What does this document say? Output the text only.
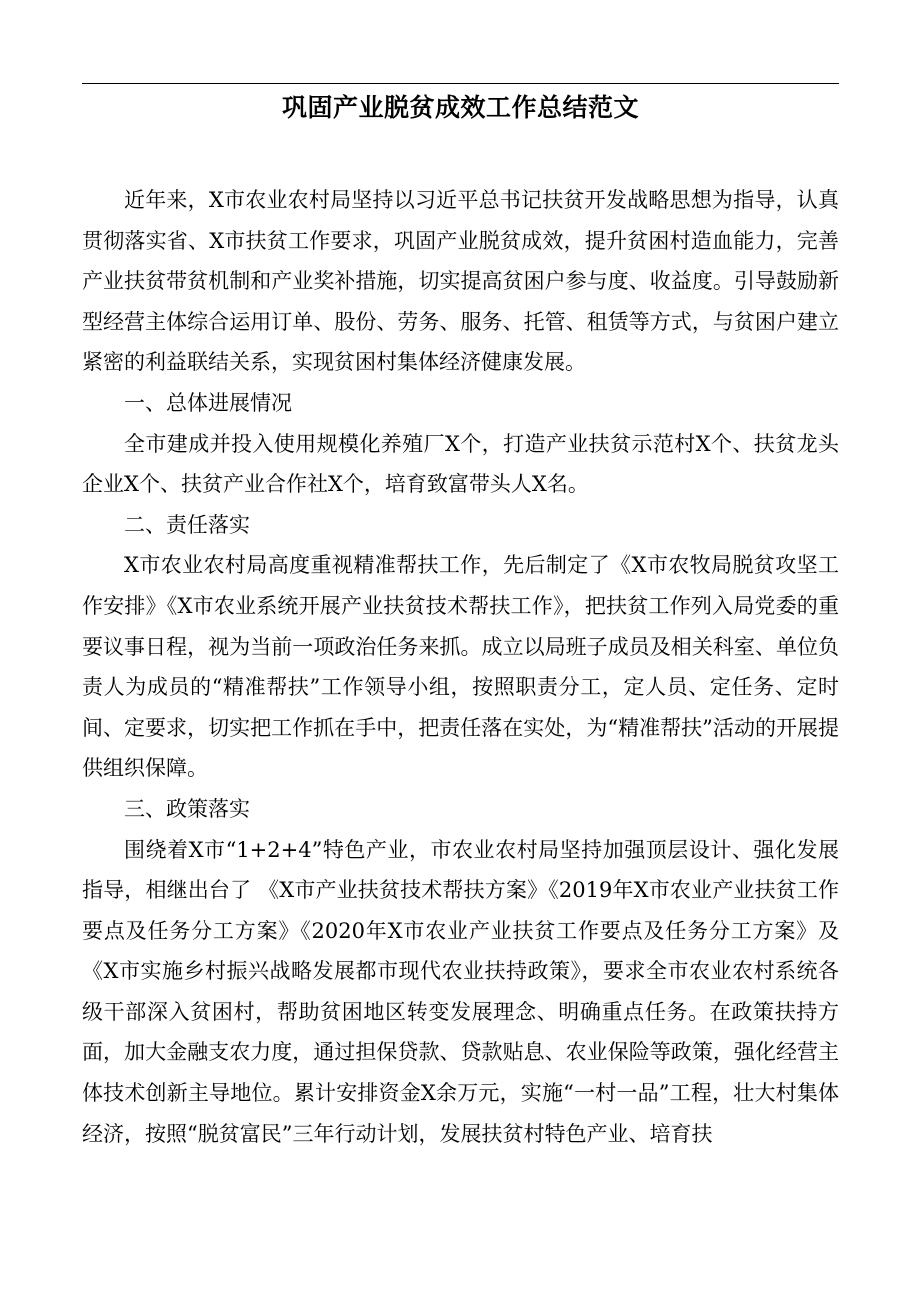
巩固产业脱贫成效工作总结范文

近年来，X市农业农村局坚持以习近平总书记扶贫开发战略思想为指导，认真贯彻落实省、X市扶贫工作要求，巩固产业脱贫成效，提升贫困村造血能力，完善产业扶贫带贫机制和产业奖补措施，切实提高贫困户参与度、收益度。引导鼓励新型经营主体综合运用订单、股份、劳务、服务、托管、租赁等方式，与贫困户建立紧密的利益联结关系，实现贫困村集体经济健康发展。

一、总体进展情况

全市建成并投入使用规模化养殖厂X个，打造产业扶贫示范村X个、扶贫龙头企业X个、扶贫产业合作社X个，培育致富带头人X名。

二、责任落实

X市农业农村局高度重视精准帮扶工作，先后制定了《X市农牧局脱贫攻坚工作安排》《X市农业系统开展产业扶贫技术帮扶工作》，把扶贫工作列入局党委的重要议事日程，视为当前一项政治任务来抓。成立以局班子成员及相关科室、单位负责人为成员的“精准帮扶”工作领导小组，按照职责分工，定人员、定任务、定时间、定要求，切实把工作抓在手中，把责任落在实处，为“精准帮扶”活动的开展提供组织保障。

三、政策落实

围绕着X市“1+2+4”特色产业，市农业农村局坚持加强顶层设计、强化发展指导，相继出台了 《X市产业扶贫技术帮扶方案》《2019年X市农业产业扶贫工作要点及任务分工方案》《2020年X市农业产业扶贫工作要点及任务分工方案》及《X市实施乡村振兴战略发展都市现代农业扶持政策》，要求全市农业农村系统各级干部深入贫困村，帮助贫困地区转变发展理念、明确重点任务。在政策扶持方面，加大金融支农力度，通过担保贷款、贷款贴息、农业保险等政策，强化经营主体技术创新主导地位。累计安排资金X余万元，实施“一村一品”工程，壮大村集体经济，按照“脱贫富民”三年行动计划，发展扶贫村特色产业、培育扶
